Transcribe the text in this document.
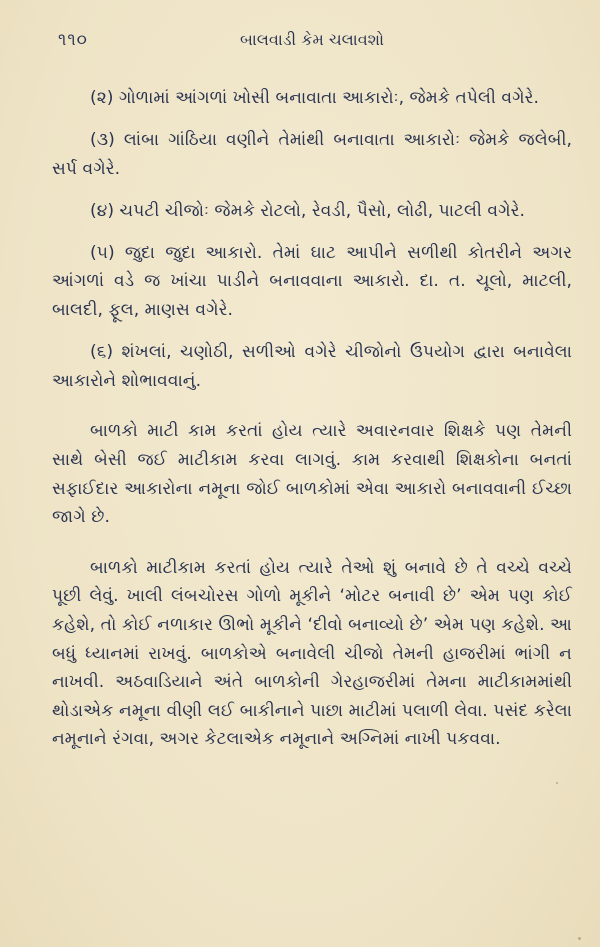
૧૧૦	બાલવાડી કેમ ચલાવશો

(૨) ગોળામાં આંગળાં ખોસી બનાવાતા આકારોઃ, જેમકે તપેલી વગેરે.

(૩) લાંબા ગાંઠિયા વણીને તેમાંથી બનાવાતા આકારોઃ જેમકે જલેબી, સર્પ વગેરે.

(૪) ચપટી ચીજોઃ જેમકે રોટલો, રેવડી, પૈસો, લોઢી, પાટલી વગેરે.

(૫) જુદા જુદા આકારો. તેમાં ઘાટ આપીને સળીથી કોતરીને અગર આંગળાં વડે જ ખાંચા પાડીને બનાવવાના આકારો. દા. ત. ચૂલો, માટલી, બાલદી, ફૂલ, માણસ વગેરે.

(૬) શંખલાં, ચણોઠી, સળીઓ વગેરે ચીજોનો ઉપયોગ દ્વારા બનાવેલા આકારોને શોભાવવાનું.

બાળકો માટી કામ કરતાં હોય ત્યારે અવારનવાર શિક્ષકે પણ તેમની સાથે બેસી જઈ માટીકામ કરવા લાગવું. કામ કરવાથી શિક્ષકોના બનતાં સફાઈદાર આકારોના નમૂના જોઈ બાળકોમાં એવા આકારો બનાવવાની ઈચ્છા જાગે છે.

બાળકો માટીકામ કરતાં હોય ત્યારે તેઓ શું બનાવે છે તે વચ્ચે વચ્ચે પૂછી લેવું. ખાલી લંબચોરસ ગોળો મૂકીને ‘મોટર બનાવી છે’ એમ પણ કોઈ કહેશે, તો કોઈ નળાકાર ઊભો મૂકીને ‘દીવો બનાવ્યો છે’ એમ પણ કહેશે. આ બધું ધ્યાનમાં રાખવું. બાળકોએ બનાવેલી ચીજો તેમની હાજરીમાં ભાંગી ન નાખવી. અઠવાડિયાને અંતે બાળકોની ગેરહાજરીમાં તેમના માટીકામમાંથી થોડાએક નમૂના વીણી લઈ બાકીનાને પાછા માટીમાં પલાળી લેવા. પસંદ કરેલા નમૂનાને રંગવા, અગર કેટલાએક નમૂનાને અગ્નિમાં નાખી પકવવા.
